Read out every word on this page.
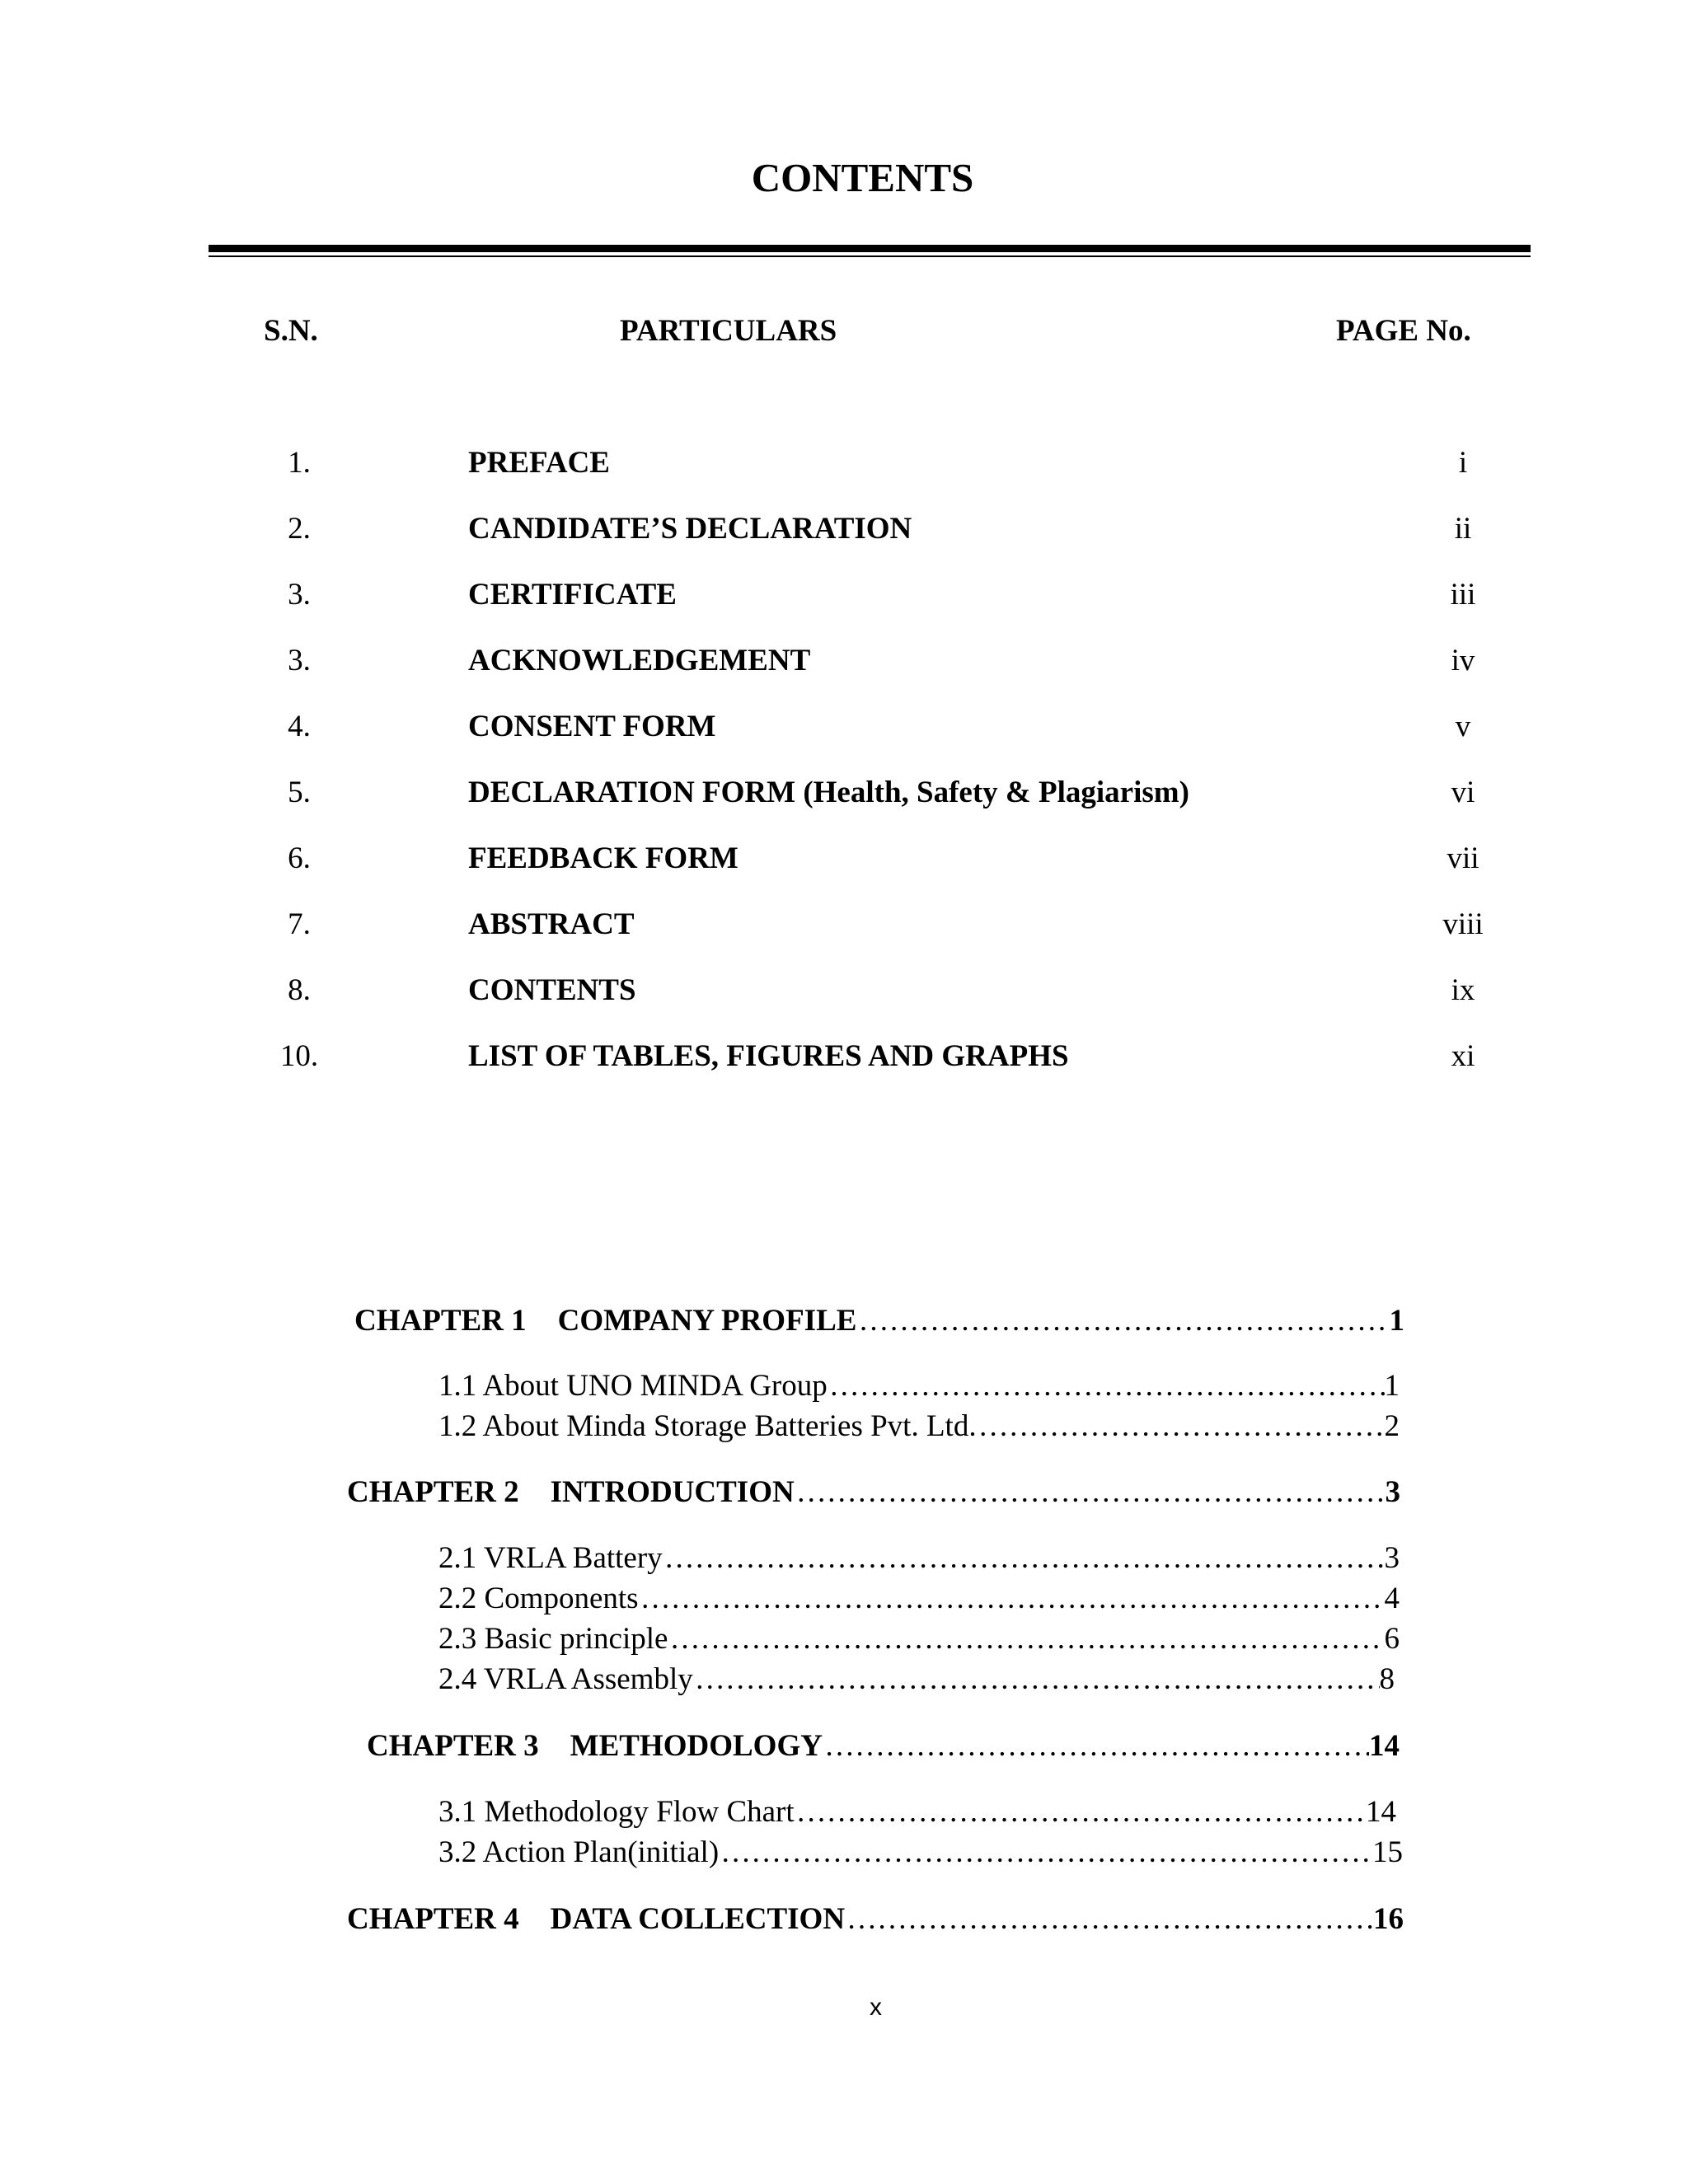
CONTENTS
S.N.	PARTICULARS	PAGE No.
1.	PREFACE	i
2.	CANDIDATE’S DECLARATION	ii
3.	CERTIFICATE	iii
3.	ACKNOWLEDGEMENT	iv
4.	CONSENT FORM	v
5.	DECLARATION FORM (Health, Safety & Plagiarism)	vi
6.	FEEDBACK FORM	vii
7.	ABSTRACT	viii
8.	CONTENTS	ix
10.	LIST OF TABLES, FIGURES AND GRAPHS	xi
CHAPTER 1 COMPANY PROFILE ………………………………………………………………………………………………………………………………………………	1
1.1 About UNO MINDA Group ………………………………………………………………………………………………………………………………………………	1
1.2 About Minda Storage Batteries Pvt. Ltd. ………………………………………………………………………………………………………………………………………………	2
CHAPTER 2 INTRODUCTION ………………………………………………………………………………………………………………………………………………	3
2.1 VRLA Battery ………………………………………………………………………………………………………………………………………………	3
2.2 Components ………………………………………………………………………………………………………………………………………………	4
2.3 Basic principle ………………………………………………………………………………………………………………………………………………	6
2.4 VRLA Assembly ………………………………………………………………………………………………………………………………………………	8
CHAPTER 3 METHODOLOGY ………………………………………………………………………………………………………………………………………………	14
3.1 Methodology Flow Chart ………………………………………………………………………………………………………………………………………………	14
3.2 Action Plan(initial) ………………………………………………………………………………………………………………………………………………	15
CHAPTER 4 DATA COLLECTION ………………………………………………………………………………………………………………………………………………	16
x
